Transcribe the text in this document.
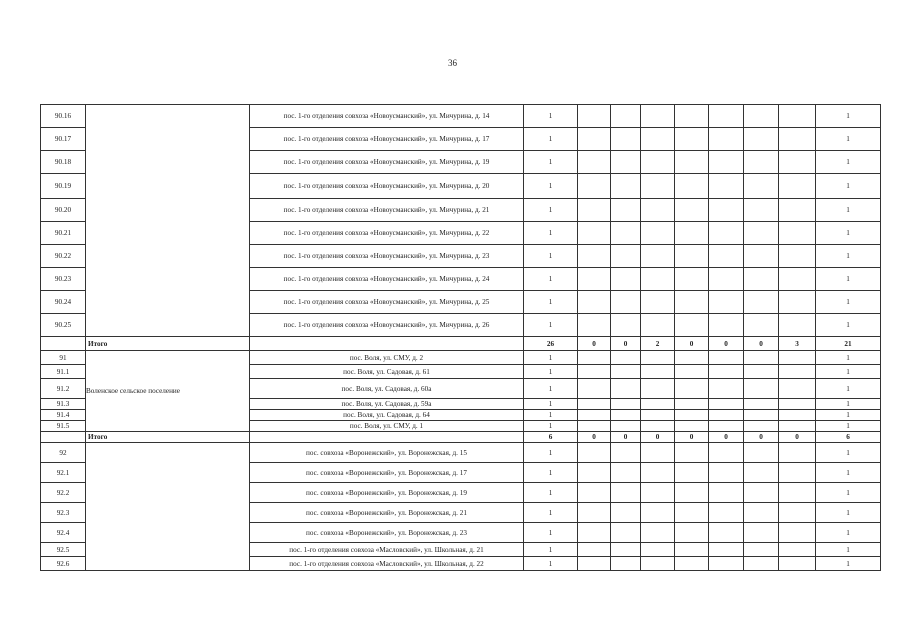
36
90.16		пос. 1-го отделения совхоза «Новоусманский», ул. Мичурина, д. 14	1								1
90.17		пос. 1-го отделения совхоза «Новоусманский», ул. Мичурина, д. 17	1								1
90.18		пос. 1-го отделения совхоза «Новоусманский», ул. Мичурина, д. 19	1								1
90.19		пос. 1-го отделения совхоза «Новоусманский», ул. Мичурина, д. 20	1								1
90.20		пос. 1-го отделения совхоза «Новоусманский», ул. Мичурина, д. 21	1								1
90.21		пос. 1-го отделения совхоза «Новоусманский», ул. Мичурина, д. 22	1								1
90.22		пос. 1-го отделения совхоза «Новоусманский», ул. Мичурина, д. 23	1								1
90.23		пос. 1-го отделения совхоза «Новоусманский», ул. Мичурина, д. 24	1								1
90.24		пос. 1-го отделения совхоза «Новоусманский», ул. Мичурина, д. 25	1								1
90.25		пос. 1-го отделения совхоза «Новоусманский», ул. Мичурина, д. 26	1								1
	Итого		26	0	0	2	0	0	0	3	21
91	Воленское сельское поселение	пос. Воля, ул. СМУ, д. 2	1								1
91.1		пос. Воля, ул. Садовая, д. 61	1								1
91.2		пос. Воля, ул. Садовая, д. 60а	1								1
91.3		пос. Воля, ул. Садовая, д. 59а	1								1
91.4		пос. Воля, ул. Садовая, д. 64	1								1
91.5		пос. Воля, ул. СМУ, д. 1	1								1
	Итого		6	0	0	0	0	0	0	0	6
92		пос. совхоза «Воронежский», ул. Воронежская, д. 15	1								1
92.1		пос. совхоза «Воронежский», ул. Воронежская, д. 17	1								1
92.2		пос. совхоза «Воронежский», ул. Воронежская, д. 19	1								1
92.3		пос. совхоза «Воронежский», ул. Воронежская, д. 21	1								1
92.4		пос. совхоза «Воронежский», ул. Воронежская, д. 23	1								1
92.5		пос. 1-го отделения совхоза «Масловский», ул. Школьная, д. 21	1								1
92.6		пос. 1-го отделения совхоза «Масловский», ул. Школьная, д. 22	1								1
